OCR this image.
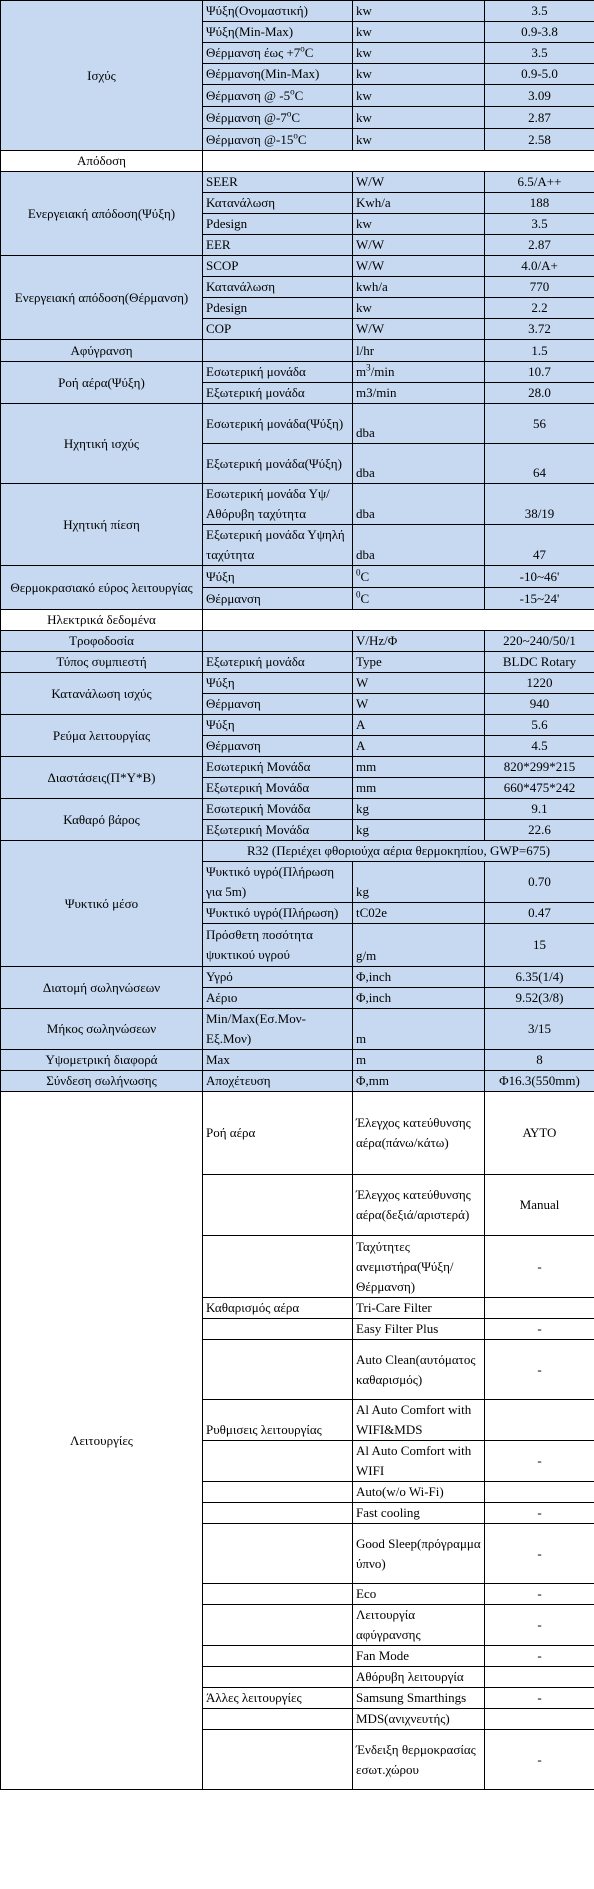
Ισχύς	Ψύξη(Ονομαστική)	kw	3.5
	Ψύξη(Min-Max)	kw	0.9-3.8
	Θέρμανση $έ\omega\varsigma +7^oC$	kw	3.5
	Θέρμανση(Min-Max)	kw	0.9-5.0
	Θέρμανση @ -5$^o$C	kw	3.09
	Θέρμανση @-7$^o$C	kw	2.87
	Θέρμανση @-15$^o$C	kw	2.58
Απόδοση			
Ενεργειακή απόδοση(Ψύξη)	SEER	W/W	6.5/A++
	Κατανάλωση	Kwh/a	188
	Pdesign	kw	3.5
	EER	W/W	2.87
Ενεργειακή απόδοση(Θέρμανση)	SCOP	W/W	4.0/A+
	Κατανάλωση	kwh/a	770
	Pdesign	kw	2.2
	COP	W/W	3.72
Αφύγρανση		l/hr	1.5
Ροή αέρα(Ψύξη)	Εσωτερική μονάδα	$m^3/\min$	10.7
	Εξωτερική μονάδα	m3/min	28.0
Ηχητική ισχύς	Εσωτερική μονάδα(Ψύξη)	dba	56
	Εξωτερική μονάδα(Ψύξη)	dba	64
Ηχητική πίεση	Εσωτερική μονάδα Υψ/Αθόρυβη ταχύτητα	dba	38/19
	Εξωτερική μονάδα Υψηλή ταχύτητα	dba	47
Θερμοκρασιακό εύρος λειτουργίας	Ψύξη	$^0$C	-10~46'
	Θέρμανση	$^0$C	-15~24'
Ηλεκτρικά δεδομένα			
Τροφοδοσία		V/Hz/Φ	220~240/50/1
Τύπος συμπιεστή	Εξωτερική μονάδα	Type	BLDC Rotary
Κατανάλωση ισχύς	Ψύξη	W	1220
	Θέρμανση	W	940
Ρεύμα λειτουργίας	Ψύξη	A	5.6
	Θέρμανση	A	4.5
Διαστάσεις(Π*Υ*Β)	Εσωτερική Μονάδα	mm	820*299*215
	Εξωτερική Μονάδα	mm	660*475*242
Καθαρό βάρος	Εσωτερική Μονάδα	kg	9.1
	Εξωτερική Μονάδα	kg	22.6
Ψυκτικό μέσο	R32 (Περιέχει φθοριούχα αέρια θερμοκηπίου, GWP=675)		
	Ψυκτικό υγρό(Πλήρωση για 5m)	kg	0.70
	Ψυκτικό υγρό(Πλήρωση)	tC02e	0.47
	Πρόσθετη ποσότητα ψυκτικού υγρού	g/m	15
Διατομή σωληνώσεων	Υγρό	Φ,inch	6.35(1/4)
	Αέριο	Φ,inch	9.52(3/8)
Μήκος σωληνώσεων	Min/Max(Εσ.Μον-Εξ.Μον)	m	3/15
Υψομετρική διαφορά	Max	m	8
Σύνδεση σωλήνωσης	Αποχέτευση	Φ,mm	Φ16.3(550mm)
Λειτουργίες	Ροή αέρα	Έλεγχος κατεύθυνσης αέρα(πάνω/κάτω)	ΑΥΤΟ
		Έλεγχος κατεύθυνσης αέρα(δεξιά/αριστερά)	Manual
		Ταχύτητες ανεμιστήρα(Ψύξη/Θέρμανση)	-
	Καθαρισμός αέρα	Tri-Care Filter	
		Easy Filter Plus	-
		Auto Clean(αυτόματος καθαρισμός)	-
	Ρυθμισεις λειτουργίας	Al Auto Comfort with WIFI&MDS	
		Al Auto Comfort with WIFI	-
		Auto(w/o Wi-Fi)	
		Fast cooling	-
		Good Sleep(πρόγραμμα ύπνο)	-
		Eco	-
		Λειτουργία αφύγρανσης	-
		Fan Mode	-
		Αθόρυβη λειτουργία	
	Άλλες λειτουργίες	Samsung Smarthings	-
		MDS(ανιχνευτής)	
		Ένδειξη θερμοκρασίας εσωτ.χώρου	-
